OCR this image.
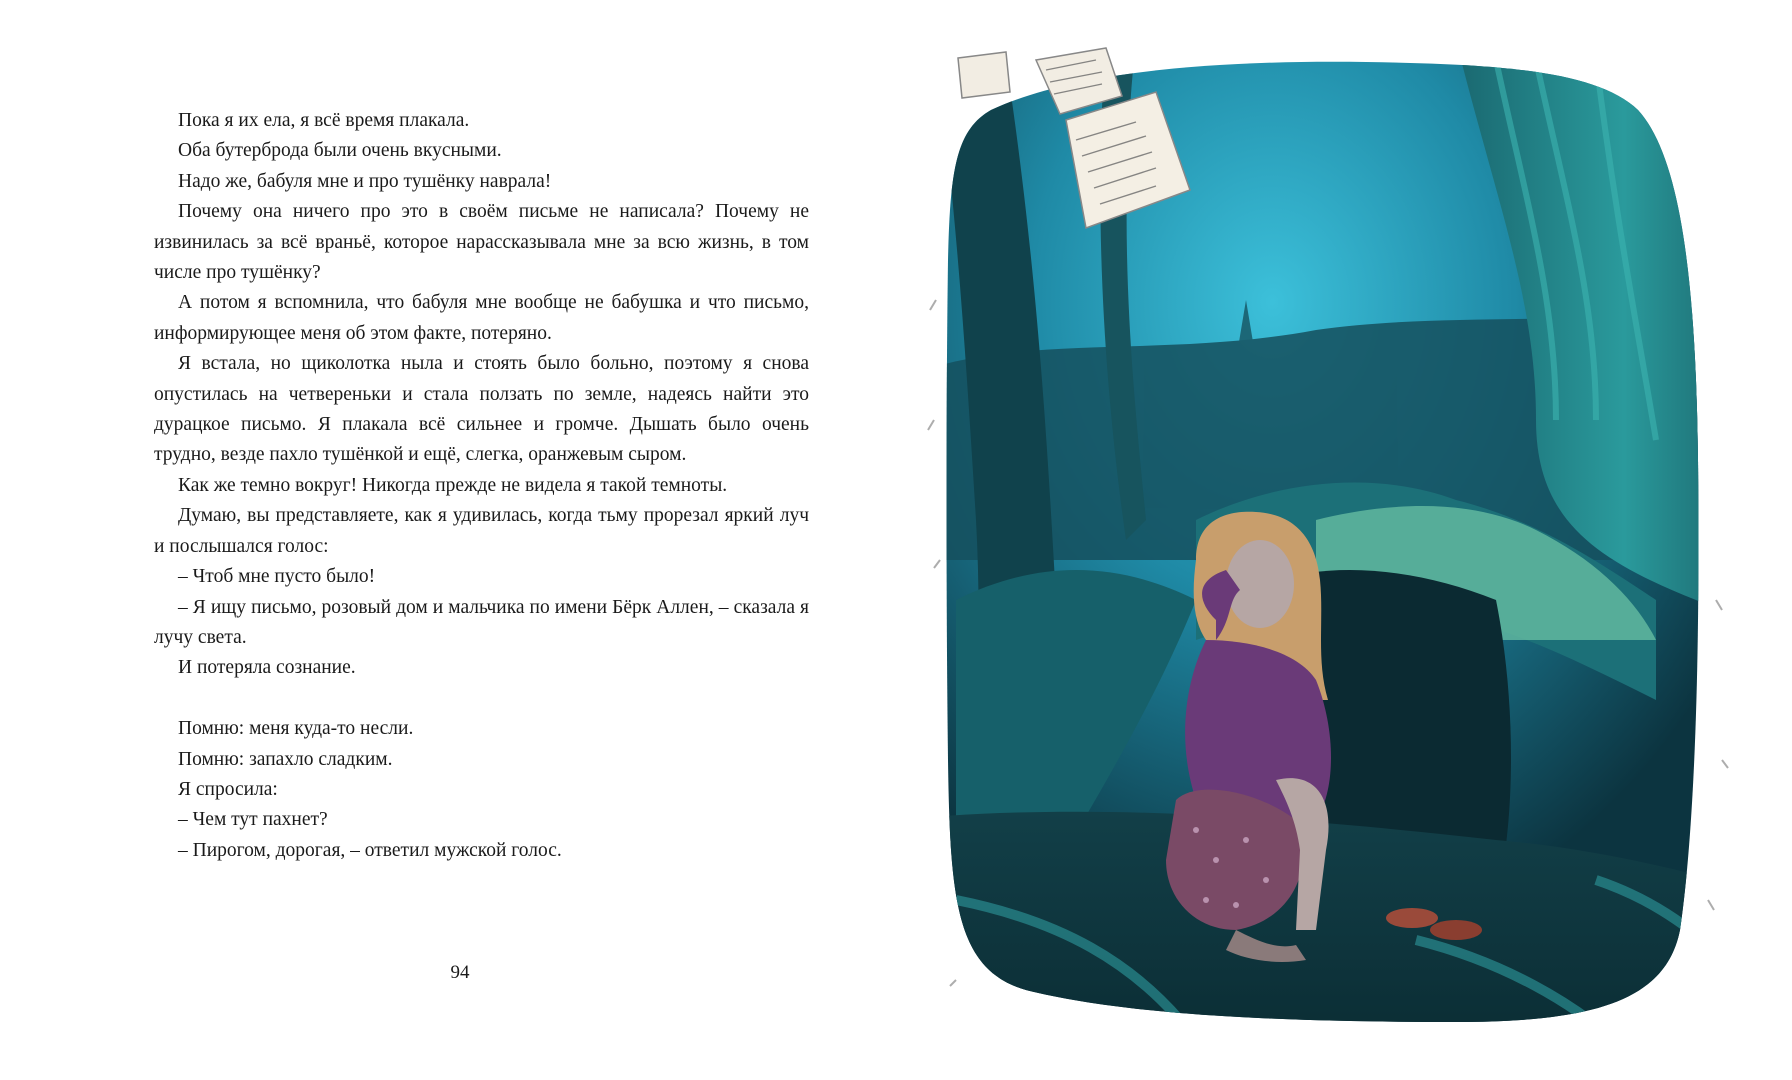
Пока я их ела, я всё время плакала.

Оба бутерброда были очень вкусными.

Надо же, бабуля мне и про тушёнку наврала!

Почему она ничего про это в своём письме не написала? Почему не извинилась за всё враньё, которое нарассказывала мне за всю жизнь, в том числе про тушёнку?

А потом я вспомнила, что бабуля мне вообще не бабушка и что письмо, информирующее меня об этом факте, потеряно.

Я встала, но щиколотка ныла и стоять было больно, поэтому я снова опустилась на четвереньки и стала ползать по земле, надеясь найти это дурацкое письмо. Я плакала всё сильнее и громче. Дышать было очень трудно, везде пахло тушёнкой и ещё, слегка, оранжевым сыром.

Как же темно вокруг! Никогда прежде не видела я такой темноты.

Думаю, вы представляете, как я удивилась, когда тьму прорезал яркий луч и послышался голос:

– Чтоб мне пусто было!

– Я ищу письмо, розовый дом и мальчика по имени Бёрк Аллен, – сказала я лучу света.

И потеряла сознание.

Помню: меня куда-то несли.

Помню: запахло сладким.

Я спросила:

– Чем тут пахнет?

– Пирогом, дорогая, – ответил мужской голос.

94
